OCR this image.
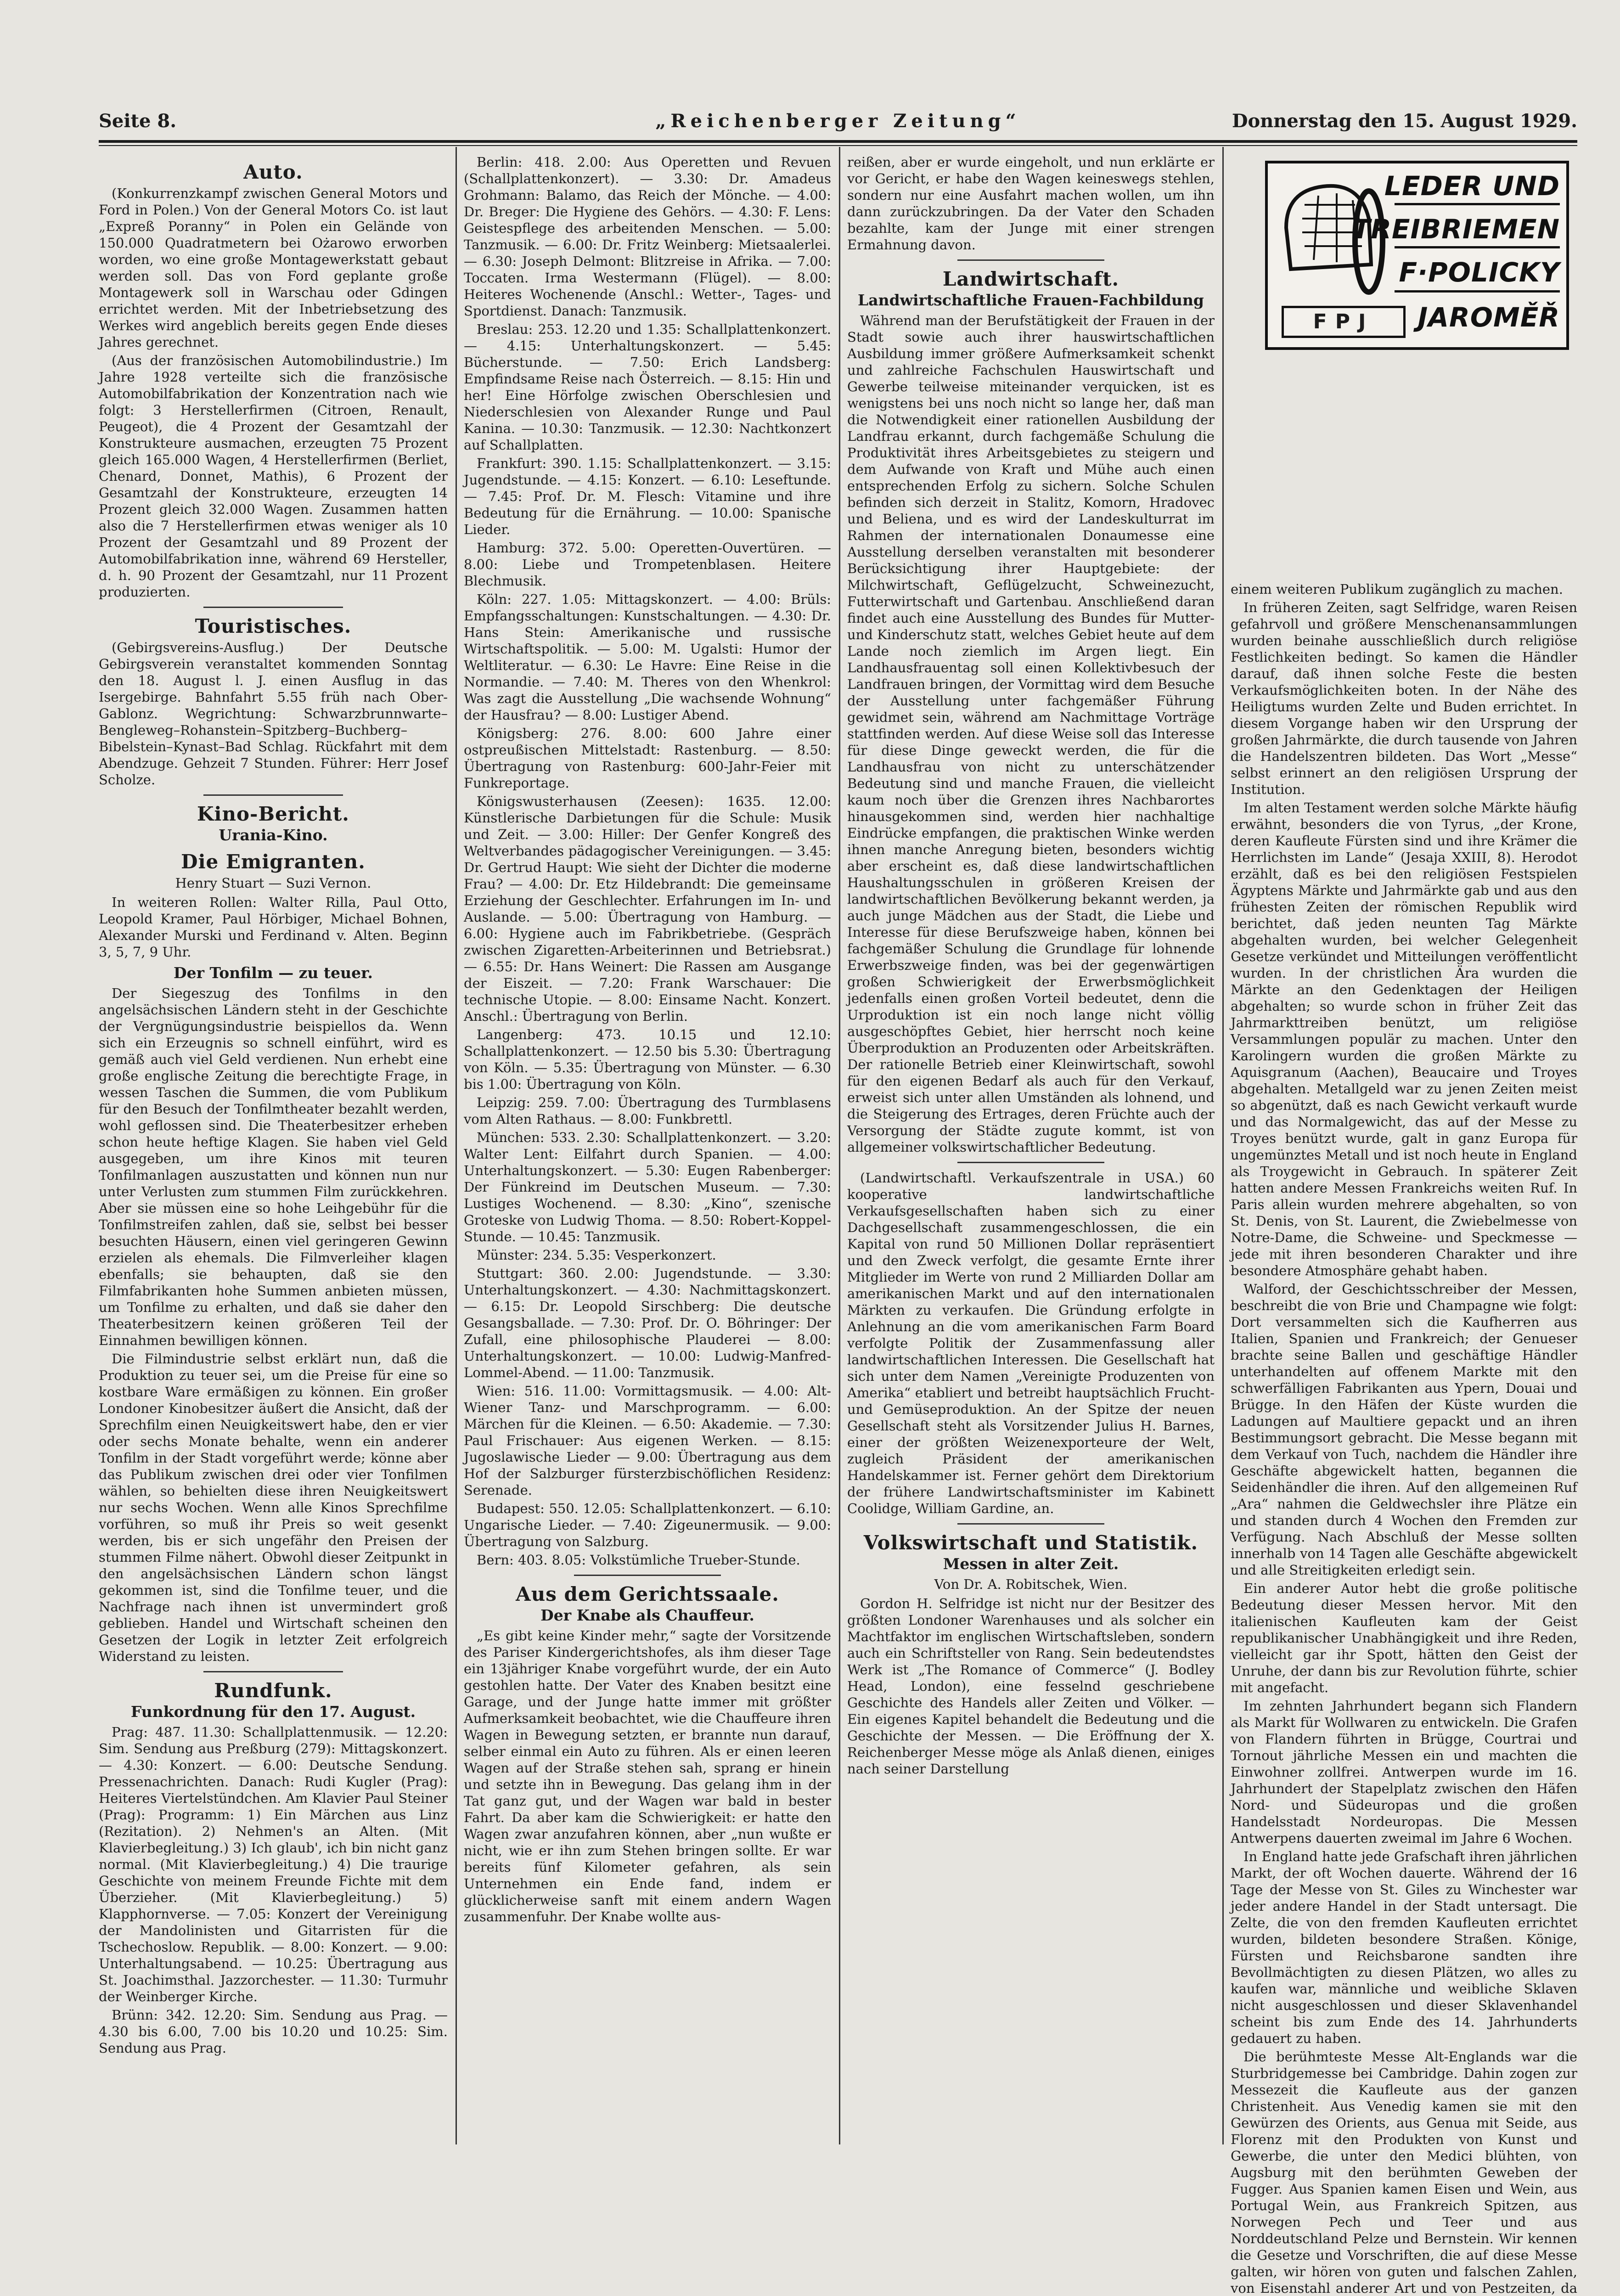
Seite 8.	„Reichenberger Zeitung“	Donnerstag den 15. August 1929.
Auto.

(Konkurrenzkampf zwischen General Motors und Ford in Polen.) Von der General Motors Co. ist laut „Expreß Poranny“ in Polen ein Gelände von 150.000 Quadratmetern bei Ożarowo erworben worden, wo eine große Montagewerkstatt gebaut werden soll. Das von Ford geplante große Montagewerk soll in Warschau oder Gdingen errichtet werden. Mit der Inbetriebsetzung des Werkes wird angeblich bereits gegen Ende dieses Jahres gerechnet.

(Aus der französischen Automobilindustrie.) Im Jahre 1928 verteilte sich die französische Automobilfabrikation der Konzentration nach wie folgt: 3 Herstellerfirmen (Citroen, Renault, Peugeot), die 4 Prozent der Gesamtzahl der Konstrukteure ausmachen, erzeugten 75 Prozent gleich 165.000 Wagen, 4 Herstellerfirmen (Berliet, Chenard, Donnet, Mathis), 6 Prozent der Gesamtzahl der Konstrukteure, erzeugten 14 Prozent gleich 32.000 Wagen. Zusammen hatten also die 7 Herstellerfirmen etwas weniger als 10 Prozent der Gesamtzahl und 89 Prozent der Automobilfabrikation inne, während 69 Hersteller, d. h. 90 Prozent der Gesamtzahl, nur 11 Prozent produzierten.

Touristisches.

(Gebirgsvereins-Ausflug.) Der Deutsche Gebirgsverein veranstaltet kommenden Sonntag den 18. August l. J. einen Ausflug in das Isergebirge. Bahnfahrt 5.55 früh nach Ober-Gablonz. Wegrichtung: Schwarzbrunnwarte–Bengleweg–Rohanstein–Spitzberg–Buchberg–Bibelstein–Kynast–Bad Schlag. Rückfahrt mit dem Abendzuge. Gehzeit 7 Stunden. Führer: Herr Josef Scholze.

Kino-Bericht.
Urania-Kino.
Die Emigranten.
Henry Stuart — Suzi Vernon.

In weiteren Rollen: Walter Rilla, Paul Otto, Leopold Kramer, Paul Hörbiger, Michael Bohnen, Alexander Murski und Ferdinand v. Alten. Beginn 3, 5, 7, 9 Uhr.

Der Tonfilm — zu teuer.

Der Siegeszug des Tonfilms in den angelsächsischen Ländern steht in der Geschichte der Vergnügungsindustrie beispiellos da. Wenn sich ein Erzeugnis so schnell einführt, wird es gemäß auch viel Geld verdienen. Nun erhebt eine große englische Zeitung die berechtigte Frage, in wessen Taschen die Summen, die vom Publikum für den Besuch der Tonfilmtheater bezahlt werden, wohl geflossen sind. Die Theaterbesitzer erheben schon heute heftige Klagen. Sie haben viel Geld ausgegeben, um ihre Kinos mit teuren Tonfilmanlagen auszustatten und können nun nur unter Verlusten zum stummen Film zurückkehren. Aber sie müssen eine so hohe Leihgebühr für die Tonfilmstreifen zahlen, daß sie, selbst bei besser besuchten Häusern, einen viel geringeren Gewinn erzielen als ehemals. Die Filmverleiher klagen ebenfalls; sie behaupten, daß sie den Filmfabrikanten hohe Summen anbieten müssen, um Tonfilme zu erhalten, und daß sie daher den Theaterbesitzern keinen größeren Teil der Einnahmen bewilligen können.

Die Filmindustrie selbst erklärt nun, daß die Produktion zu teuer sei, um die Preise für eine so kostbare Ware ermäßigen zu können. Ein großer Londoner Kinobesitzer äußert die Ansicht, daß der Sprechfilm einen Neuigkeitswert habe, den er vier oder sechs Monate behalte, wenn ein anderer Tonfilm in der Stadt vorgeführt werde; könne aber das Publikum zwischen drei oder vier Tonfilmen wählen, so behielten diese ihren Neuigkeitswert nur sechs Wochen. Wenn alle Kinos Sprechfilme vorführen, so muß ihr Preis so weit gesenkt werden, bis er sich ungefähr den Preisen der stummen Filme nähert. Obwohl dieser Zeitpunkt in den angelsächsischen Ländern schon längst gekommen ist, sind die Tonfilme teuer, und die Nachfrage nach ihnen ist unvermindert groß geblieben. Handel und Wirtschaft scheinen den Gesetzen der Logik in letzter Zeit erfolgreich Widerstand zu leisten.

Rundfunk.
Funkordnung für den 17. August.

Prag: 487. 11.30: Schallplattenmusik. — 12.20: Sim. Sendung aus Preßburg (279): Mittagskonzert. — 4.30: Konzert. — 6.00: Deutsche Sendung. Pressenachrichten. Danach: Rudi Kugler (Prag): Heiteres Viertelstündchen. Am Klavier Paul Steiner (Prag): Programm: 1) Ein Märchen aus Linz (Rezitation). 2) Nehmen's an Alten. (Mit Klavierbegleitung.) 3) Ich glaub', ich bin nicht ganz normal. (Mit Klavierbegleitung.) 4) Die traurige Geschichte von meinem Freunde Fichte mit dem Überzieher. (Mit Klavierbegleitung.) 5) Klapphornverse. — 7.05: Konzert der Vereinigung der Mandolinisten und Gitarristen für die Tschechoslow. Republik. — 8.00: Konzert. — 9.00: Unterhaltungsabend. — 10.25: Übertragung aus St. Joachimsthal. Jazzorchester. — 11.30: Turmuhr der Weinberger Kirche.

Brünn: 342. 12.20: Sim. Sendung aus Prag. — 4.30 bis 6.00, 7.00 bis 10.20 und 10.25: Sim. Sendung aus Prag.

Berlin: 418. 2.00: Aus Operetten und Revuen (Schallplattenkonzert). — 3.30: Dr. Amadeus Grohmann: Balamo, das Reich der Mönche. — 4.00: Dr. Breger: Die Hygiene des Gehörs. — 4.30: F. Lens: Geistespflege des arbeitenden Menschen. — 5.00: Tanzmusik. — 6.00: Dr. Fritz Weinberg: Mietsaalerlei. — 6.30: Joseph Delmont: Blitzreise in Afrika. — 7.00: Toccaten. Irma Westermann (Flügel). — 8.00: Heiteres Wochenende (Anschl.: Wetter-, Tages- und Sportdienst. Danach: Tanzmusik.

Breslau: 253. 12.20 und 1.35: Schallplattenkonzert. — 4.15: Unterhaltungskonzert. — 5.45: Bücherstunde. — 7.50: Erich Landsberg: Empfindsame Reise nach Österreich. — 8.15: Hin und her! Eine Hörfolge zwischen Oberschlesien und Niederschlesien von Alexander Runge und Paul Kanina. — 10.30: Tanzmusik. — 12.30: Nachtkonzert auf Schallplatten.

Frankfurt: 390. 1.15: Schallplattenkonzert. — 3.15: Jugendstunde. — 4.15: Konzert. — 6.10: Leseftunde. — 7.45: Prof. Dr. M. Flesch: Vitamine und ihre Bedeutung für die Ernährung. — 10.00: Spanische Lieder.

Hamburg: 372. 5.00: Operetten-Ouvertüren. — 8.00: Liebe und Trompetenblasen. Heitere Blechmusik.

Köln: 227. 1.05: Mittagskonzert. — 4.00: Brüls: Empfangsschaltungen: Kunstschaltungen. — 4.30: Dr. Hans Stein: Amerikanische und russische Wirtschaftspolitik. — 5.00: M. Ugalsti: Humor der Weltliteratur. — 6.30: Le Havre: Eine Reise in die Normandie. — 7.40: M. Theres von den Whenkrol: Was zagt die Ausstellung „Die wachsende Wohnung“ der Hausfrau? — 8.00: Lustiger Abend.

Königsberg: 276. 8.00: 600 Jahre einer ostpreußischen Mittelstadt: Rastenburg. — 8.50: Übertragung von Rastenburg: 600-Jahr-Feier mit Funkreportage.

Königswusterhausen (Zeesen): 1635. 12.00: Künstlerische Darbietungen für die Schule: Musik und Zeit. — 3.00: Hiller: Der Genfer Kongreß des Weltverbandes pädagogischer Vereinigungen. — 3.45: Dr. Gertrud Haupt: Wie sieht der Dichter die moderne Frau? — 4.00: Dr. Etz Hildebrandt: Die gemeinsame Erziehung der Geschlechter. Erfahrungen im In- und Auslande. — 5.00: Übertragung von Hamburg. — 6.00: Hygiene auch im Fabrikbetriebe. (Gespräch zwischen Zigaretten-Arbeiterinnen und Betriebsrat.) — 6.55: Dr. Hans Weinert: Die Rassen am Ausgange der Eiszeit. — 7.20: Frank Warschauer: Die technische Utopie. — 8.00: Einsame Nacht. Konzert. Anschl.: Übertragung von Berlin.

Langenberg: 473. 10.15 und 12.10: Schallplattenkonzert. — 12.50 bis 5.30: Übertragung von Köln. — 5.35: Übertragung von Münster. — 6.30 bis 1.00: Übertragung von Köln.

Leipzig: 259. 7.00: Übertragung des Turmblasens vom Alten Rathaus. — 8.00: Funkbrettl.

München: 533. 2.30: Schallplattenkonzert. — 3.20: Walter Lent: Eilfahrt durch Spanien. — 4.00: Unterhaltungskonzert. — 5.30: Eugen Rabenberger: Der Fünkreind im Deutschen Museum. — 7.30: Lustiges Wochenend. — 8.30: „Kino“, szenische Groteske von Ludwig Thoma. — 8.50: Robert-Koppel-Stunde. — 10.45: Tanzmusik.

Münster: 234. 5.35: Vesperkonzert.

Stuttgart: 360. 2.00: Jugendstunde. — 3.30: Unterhaltungskonzert. — 4.30: Nachmittagskonzert. — 6.15: Dr. Leopold Sirschberg: Die deutsche Gesangsballade. — 7.30: Prof. Dr. O. Böhringer: Der Zufall, eine philosophische Plauderei — 8.00: Unterhaltungskonzert. — 10.00: Ludwig-Manfred-Lommel-Abend. — 11.00: Tanzmusik.

Wien: 516. 11.00: Vormittagsmusik. — 4.00: Alt-Wiener Tanz- und Marschprogramm. — 6.00: Märchen für die Kleinen. — 6.50: Akademie. — 7.30: Paul Frischauer: Aus eigenen Werken. — 8.15: Jugoslawische Lieder — 9.00: Übertragung aus dem Hof der Salzburger fürsterzbischöflichen Residenz: Serenade.

Budapest: 550. 12.05: Schallplattenkonzert. — 6.10: Ungarische Lieder. — 7.40: Zigeunermusik. — 9.00: Übertragung von Salzburg.

Bern: 403. 8.05: Volkstümliche Trueber-Stunde.

Aus dem Gerichtssaale.
Der Knabe als Chauffeur.

„Es gibt keine Kinder mehr,“ sagte der Vorsitzende des Pariser Kindergerichtshofes, als ihm dieser Tage ein 13jähriger Knabe vorgeführt wurde, der ein Auto gestohlen hatte. Der Vater des Knaben besitzt eine Garage, und der Junge hatte immer mit größter Aufmerksamkeit beobachtet, wie die Chauffeure ihren Wagen in Bewegung setzten, er brannte nun darauf, selber einmal ein Auto zu führen. Als er einen leeren Wagen auf der Straße stehen sah, sprang er hinein und setzte ihn in Bewegung. Das gelang ihm in der Tat ganz gut, und der Wagen war bald in bester Fahrt. Da aber kam die Schwierigkeit: er hatte den Wagen zwar anzufahren können, aber „nun wußte er nicht, wie er ihn zum Stehen bringen sollte. Er war bereits fünf Kilometer gefahren, als sein Unternehmen ein Ende fand, indem er glücklicherweise sanft mit einem andern Wagen zusammenfuhr. Der Knabe wollte aus-

reißen, aber er wurde eingeholt, und nun erklärte er vor Gericht, er habe den Wagen keineswegs stehlen, sondern nur eine Ausfahrt machen wollen, um ihn dann zurückzubringen. Da der Vater den Schaden bezahlte, kam der Junge mit einer strengen Ermahnung davon.

Landwirtschaft.
Landwirtschaftliche Frauen-Fachbildung

Während man der Berufstätigkeit der Frauen in der Stadt sowie auch ihrer hauswirtschaftlichen Ausbildung immer größere Aufmerksamkeit schenkt und zahlreiche Fachschulen Hauswirtschaft und Gewerbe teilweise miteinander verquicken, ist es wenigstens bei uns noch nicht so lange her, daß man die Notwendigkeit einer rationellen Ausbildung der Landfrau erkannt, durch fachgemäße Schulung die Produktivität ihres Arbeitsgebietes zu steigern und dem Aufwande von Kraft und Mühe auch einen entsprechenden Erfolg zu sichern. Solche Schulen befinden sich derzeit in Stalitz, Komorn, Hradovec und Beliena, und es wird der Landeskulturrat im Rahmen der internationalen Donaumesse eine Ausstellung derselben veranstalten mit besonderer Berücksichtigung ihrer Hauptgebiete: der Milchwirtschaft, Geflügelzucht, Schweinezucht, Futterwirtschaft und Gartenbau. Anschließend daran findet auch eine Ausstellung des Bundes für Mutter- und Kinderschutz statt, welches Gebiet heute auf dem Lande noch ziemlich im Argen liegt. Ein Landhausfrauentag soll einen Kollektivbesuch der Landfrauen bringen, der Vormittag wird dem Besuche der Ausstellung unter fachgemäßer Führung gewidmet sein, während am Nachmittage Vorträge stattfinden werden. Auf diese Weise soll das Interesse für diese Dinge geweckt werden, die für die Landhausfrau von nicht zu unterschätzender Bedeutung sind und manche Frauen, die vielleicht kaum noch über die Grenzen ihres Nachbarortes hinausgekommen sind, werden hier nachhaltige Eindrücke empfangen, die praktischen Winke werden ihnen manche Anregung bieten, besonders wichtig aber erscheint es, daß diese landwirtschaftlichen Haushaltungsschulen in größeren Kreisen der landwirtschaftlichen Bevölkerung bekannt werden, ja auch junge Mädchen aus der Stadt, die Liebe und Interesse für diese Berufszweige haben, können bei fachgemäßer Schulung die Grundlage für lohnende Erwerbszweige finden, was bei der gegenwärtigen großen Schwierigkeit der Erwerbsmöglichkeit jedenfalls einen großen Vorteil bedeutet, denn die Urproduktion ist ein noch lange nicht völlig ausgeschöpftes Gebiet, hier herrscht noch keine Überproduktion an Produzenten oder Arbeitskräften. Der rationelle Betrieb einer Kleinwirtschaft, sowohl für den eigenen Bedarf als auch für den Verkauf, erweist sich unter allen Umständen als lohnend, und die Steigerung des Ertrages, deren Früchte auch der Versorgung der Städte zugute kommt, ist von allgemeiner volkswirtschaftlicher Bedeutung.

(Landwirtschaftl. Verkaufszentrale in USA.) 60 kooperative landwirtschaftliche Verkaufsgesellschaften haben sich zu einer Dachgesellschaft zusammengeschlossen, die ein Kapital von rund 50 Millionen Dollar repräsentiert und den Zweck verfolgt, die gesamte Ernte ihrer Mitglieder im Werte von rund 2 Milliarden Dollar am amerikanischen Markt und auf den internationalen Märkten zu verkaufen. Die Gründung erfolgte in Anlehnung an die vom amerikanischen Farm Board verfolgte Politik der Zusammenfassung aller landwirtschaftlichen Interessen. Die Gesellschaft hat sich unter dem Namen „Vereinigte Produzenten von Amerika“ etabliert und betreibt hauptsächlich Frucht- und Gemüseproduktion. An der Spitze der neuen Gesellschaft steht als Vorsitzender Julius H. Barnes, einer der größten Weizenexporteure der Welt, zugleich Präsident der amerikanischen Handelskammer ist. Ferner gehört dem Direktorium der frühere Landwirtschaftsminister im Kabinett Coolidge, William Gardine, an.

Volkswirtschaft und Statistik.
Messen in alter Zeit.
Von Dr. A. Robitschek, Wien.

Gordon H. Selfridge ist nicht nur der Besitzer des größten Londoner Warenhauses und als solcher ein Machtfaktor im englischen Wirtschaftsleben, sondern auch ein Schriftsteller von Rang. Sein bedeutendstes Werk ist „The Romance of Commerce“ (J. Bodley Head, London), eine fesselnd geschriebene Geschichte des Handels aller Zeiten und Völker. — Ein eigenes Kapitel behandelt die Bedeutung und die Geschichte der Messen. — Die Eröffnung der X. Reichenberger Messe möge als Anlaß dienen, einiges nach seiner Darstellung

FPJ
LEDER UND
TREIBRIEMEN
F·POLICKY
JAROMĚŘ

einem weiteren Publikum zugänglich zu machen.

In früheren Zeiten, sagt Selfridge, waren Reisen gefahrvoll und größere Menschenansammlungen wurden beinahe ausschließlich durch religiöse Festlichkeiten bedingt. So kamen die Händler darauf, daß ihnen solche Feste die besten Verkaufsmöglichkeiten boten. In der Nähe des Heiligtums wurden Zelte und Buden errichtet. In diesem Vorgange haben wir den Ursprung der großen Jahrmärkte, die durch tausende von Jahren die Handelszentren bildeten. Das Wort „Messe“ selbst erinnert an den religiösen Ursprung der Institution.

Im alten Testament werden solche Märkte häufig erwähnt, besonders die von Tyrus, „der Krone, deren Kaufleute Fürsten sind und ihre Krämer die Herrlichsten im Lande“ (Jesaja XXIII, 8). Herodot erzählt, daß es bei den religiösen Festspielen Ägyptens Märkte und Jahrmärkte gab und aus den frühesten Zeiten der römischen Republik wird berichtet, daß jeden neunten Tag Märkte abgehalten wurden, bei welcher Gelegenheit Gesetze verkündet und Mitteilungen veröffentlicht wurden. In der christlichen Ära wurden die Märkte an den Gedenktagen der Heiligen abgehalten; so wurde schon in früher Zeit das Jahrmarkttreiben benützt, um religiöse Versammlungen populär zu machen. Unter den Karolingern wurden die großen Märkte zu Aquisgranum (Aachen), Beaucaire und Troyes abgehalten. Metallgeld war zu jenen Zeiten meist so abgenützt, daß es nach Gewicht verkauft wurde und das Normalgewicht, das auf der Messe zu Troyes benützt wurde, galt in ganz Europa für ungemünztes Metall und ist noch heute in England als Troygewicht in Gebrauch. In späterer Zeit hatten andere Messen Frankreichs weiten Ruf. In Paris allein wurden mehrere abgehalten, so von St. Denis, von St. Laurent, die Zwiebelmesse von Notre-Dame, die Schweine- und Speckmesse — jede mit ihren besonderen Charakter und ihre besondere Atmosphäre gehabt haben.

Walford, der Geschichtsschreiber der Messen, beschreibt die von Brie und Champagne wie folgt: Dort versammelten sich die Kaufherren aus Italien, Spanien und Frankreich; der Genueser brachte seine Ballen und geschäftige Händler unterhandelten auf offenem Markte mit den schwerfälligen Fabrikanten aus Ypern, Douai und Brügge. In den Häfen der Küste wurden die Ladungen auf Maultiere gepackt und an ihren Bestimmungsort gebracht. Die Messe begann mit dem Verkauf von Tuch, nachdem die Händler ihre Geschäfte abgewickelt hatten, begannen die Seidenhändler die ihren. Auf den allgemeinen Ruf „Ara“ nahmen die Geldwechsler ihre Plätze ein und standen durch 4 Wochen den Fremden zur Verfügung. Nach Abschluß der Messe sollten innerhalb von 14 Tagen alle Geschäfte abgewickelt und alle Streitigkeiten erledigt sein.

Ein anderer Autor hebt die große politische Bedeutung dieser Messen hervor. Mit den italienischen Kaufleuten kam der Geist republikanischer Unabhängigkeit und ihre Reden, vielleicht gar ihr Spott, hätten den Geist der Unruhe, der dann bis zur Revolution führte, schier mit angefacht.

Im zehnten Jahrhundert begann sich Flandern als Markt für Wollwaren zu entwickeln. Die Grafen von Flandern führten in Brügge, Courtrai und Tornout jährliche Messen ein und machten die Einwohner zollfrei. Antwerpen wurde im 16. Jahrhundert der Stapelplatz zwischen den Häfen Nord- und Südeuropas und die großen Handelsstadt Nordeuropas. Die Messen Antwerpens dauerten zweimal im Jahre 6 Wochen.

In England hatte jede Grafschaft ihren jährlichen Markt, der oft Wochen dauerte. Während der 16 Tage der Messe von St. Giles zu Winchester war jeder andere Handel in der Stadt untersagt. Die Zelte, die von den fremden Kaufleuten errichtet wurden, bildeten besondere Straßen. Könige, Fürsten und Reichsbarone sandten ihre Bevollmächtigten zu diesen Plätzen, wo alles zu kaufen war, männliche und weibliche Sklaven nicht ausgeschlossen und dieser Sklavenhandel scheint bis zum Ende des 14. Jahrhunderts gedauert zu haben.

Die berühmteste Messe Alt-Englands war die Sturbridgemesse bei Cambridge. Dahin zogen zur Messezeit die Kaufleute aus der ganzen Christenheit. Aus Venedig kamen sie mit den Gewürzen des Orients, aus Genua mit Seide, aus Florenz mit den Produkten von Kunst und Gewerbe, die unter den Medici blühten, von Augsburg mit den berühmten Geweben der Fugger. Aus Spanien kamen Eisen und Wein, aus Portugal Wein, aus Frankreich Spitzen, aus Norwegen Pech und Teer und aus Norddeutschland Pelze und Bernstein. Wir kennen die Gesetze und Vorschriften, die auf diese Messe galten, wir hören von guten und falschen Zahlen, von Eisenstahl anderer Art und von Pestzeiten, da
